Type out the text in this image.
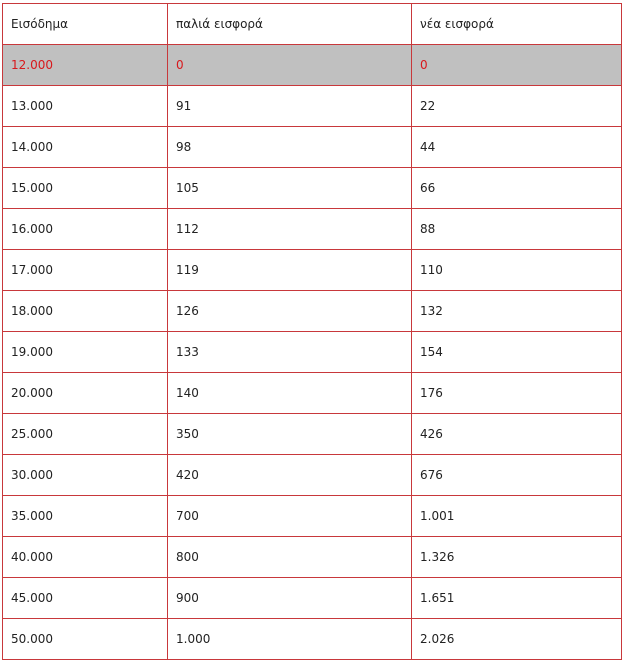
Εισόδημα	παλιά εισφορά	νέα εισφορά
12.000	0	0
13.000	91	22
14.000	98	44
15.000	105	66
16.000	112	88
17.000	119	110
18.000	126	132
19.000	133	154
20.000	140	176
25.000	350	426
30.000	420	676
35.000	700	1.001
40.000	800	1.326
45.000	900	1.651
50.000	1.000	2.026
